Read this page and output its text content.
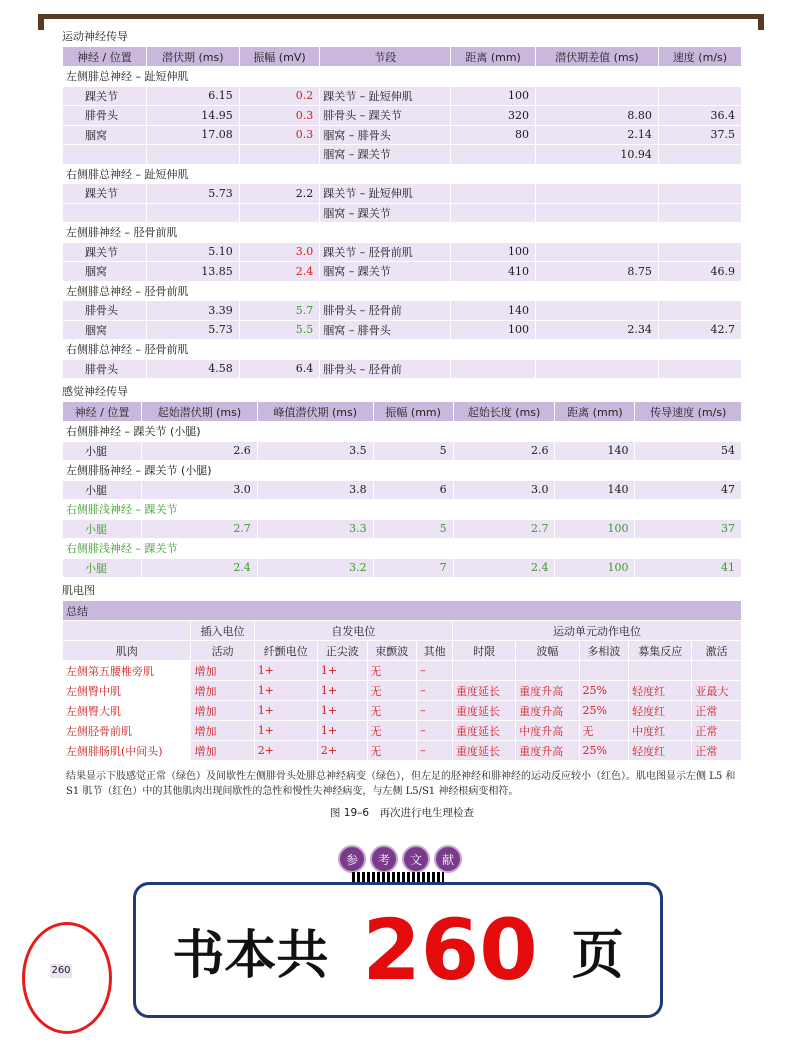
运动神经传导
神经 / 位置	潜伏期 (ms)	振幅 (mV)	节段	距离 (mm)	潜伏期差值 (ms)	速度 (m/s)
左侧腓总神经 – 趾短伸肌						
踝关节	6.15	0.2	踝关节 – 趾短伸肌	100		
腓骨头	14.95	0.3	腓骨头 – 踝关节	320	8.80	36.4
腘窝	17.08	0.3	腘窝 – 腓骨头	80	2.14	37.5
			腘窝 – 踝关节		10.94	
右侧腓总神经 – 趾短伸肌						
踝关节	5.73	2.2	踝关节 – 趾短伸肌			
			腘窝 – 踝关节			
左侧腓神经 – 胫骨前肌						
踝关节	5.10	3.0	踝关节 – 胫骨前肌	100		
腘窝	13.85	2.4	腘窝 – 踝关节	410	8.75	46.9
左侧腓总神经 – 胫骨前肌						
腓骨头	3.39	5.7	腓骨头 – 胫骨前	140		
腘窝	5.73	5.5	腘窝 – 腓骨头	100	2.34	42.7
右侧腓总神经 – 胫骨前肌						
腓骨头	4.58	6.4	腓骨头 – 胫骨前			
感觉神经传导
神经 / 位置	起始潜伏期 (ms)	峰值潜伏期 (ms)	振幅 (mm)	起始长度 (ms)	距离 (mm)	传导速度 (m/s)
右侧腓神经 – 踝关节 (小腿)						
小腿	2.6	3.5	5	2.6	140	54
左侧腓肠神经 – 踝关节 (小腿)						
小腿	3.0	3.8	6	3.0	140	47
右侧腓浅神经 – 踝关节						
小腿	2.7	3.3	5	2.7	100	37
右侧腓浅神经 – 踝关节						
小腿	2.4	3.2	7	2.4	100	41
肌电图
总结										
	插入电位	自发电位				运动单元动作电位				
肌肉	活动	纤颤电位	正尖波	束颤波	其他	时限	波幅	多相波	募集反应	激活
左侧第五腰椎旁肌	增加	1+	1+	无	–					
左侧臀中肌	增加	1+	1+	无	–	重度延长	重度升高	25%	轻度红	亚最大
左侧臀大肌	增加	1+	1+	无	–	重度延长	重度升高	25%	轻度红	正常
左侧胫骨前肌	增加	1+	1+	无	–	重度延长	中度升高	无	中度红	正常
左侧腓肠肌(中间头)	增加	2+	2+	无	–	重度延长	重度升高	25%	轻度红	正常
结果显示下肢感觉正常（绿色）及间歇性左侧腓骨头处腓总神经病变（绿色），但左足的胫神经和腓神经的运动反应较小（红色）。肌电图显示左侧 L5 和 S1 肌节（红色）中的其他肌肉出现间歇性的急性和慢性失神经病变，与左侧 L5/S1 神经根病变相符。
图 19–6　再次进行电生理检查
参	考	文	献
书本共 260 页
260
